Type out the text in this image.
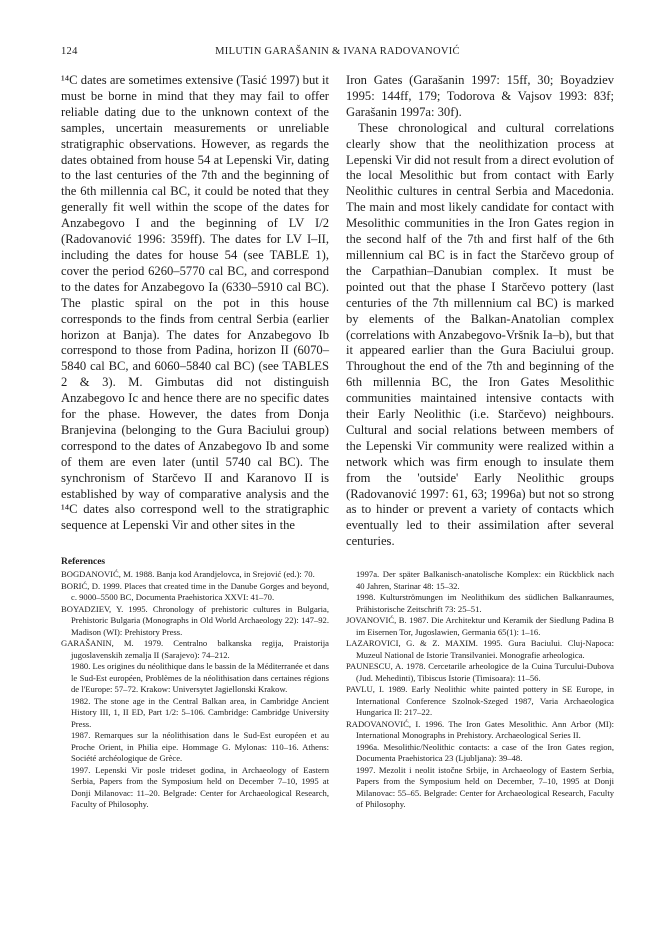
124	MILUTIN GARAŠANIN & IVANA RADOVANOVIĆ

¹⁴C dates are sometimes extensive (Tasić 1997) but it must be borne in mind that they may fail to offer reliable dating due to the unknown context of the samples, uncertain measurements or unreliable stratigraphic observations. However, as regards the dates obtained from house 54 at Lepenski Vir, dating to the last centuries of the 7th and the beginning of the 6th millennia cal BC, it could be noted that they generally fit well within the scope of the dates for Anzabegovo I and the beginning of LV I/2 (Radovanović 1996: 359ff). The dates for LV I–II, including the dates for house 54 (see TABLE 1), cover the period 6260–5770 cal BC, and correspond to the dates for Anzabegovo Ia (6330–5910 cal BC). The plastic spiral on the pot in this house corresponds to the finds from central Serbia (earlier horizon at Banja). The dates for Anzabegovo Ib correspond to those from Padina, horizon II (6070–5840 cal BC, and 6060–5840 cal BC) (see TABLES 2 & 3). M. Gimbutas did not distinguish Anzabegovo Ic and hence there are no specific dates for the phase. However, the dates from Donja Branjevina (belonging to the Gura Baciului group) correspond to the dates of Anzabegovo Ib and some of them are even later (until 5740 cal BC). The synchronism of Starčevo II and Karanovo II is established by way of comparative analysis and the ¹⁴C dates also correspond well to the stratigraphic sequence at Lepenski Vir and other sites in the

Iron Gates (Garašanin 1997: 15ff, 30; Boyadziev 1995: 144ff, 179; Todorova & Vajsov 1993: 83f; Garašanin 1997a: 30f).

These chronological and cultural correlations clearly show that the neolithization process at Lepenski Vir did not result from a direct evolution of the local Mesolithic but from contact with Early Neolithic cultures in central Serbia and Macedonia. The main and most likely candidate for contact with Mesolithic communities in the Iron Gates region in the second half of the 7th and first half of the 6th millennium cal BC is in fact the Starčevo group of the Carpathian–Danubian complex. It must be pointed out that the phase I Starčevo pottery (last centuries of the 7th millennium cal BC) is marked by elements of the Balkan-Anatolian complex (correlations with Anzabegovo-Vršnik Ia–b), but that it appeared earlier than the Gura Baciului group. Throughout the end of the 7th and beginning of the 6th millennia BC, the Iron Gates Mesolithic communities maintained intensive contacts with their Early Neolithic (i.e. Starčevo) neighbours. Cultural and social relations between members of the Lepenski Vir community were realized within a network which was firm enough to insulate them from the 'outside' Early Neolithic groups (Radovanović 1997: 61, 63; 1996a) but not so strong as to hinder or prevent a variety of contacts which eventually led to their assimilation after several centuries.

References

BOGDANOVIĆ, M. 1988. Banja kod Arandjelovca, in Srejović (ed.): 70.

BORIĆ, D. 1999. Places that created time in the Danube Gorges and beyond, c. 9000–5500 BC, Documenta Praehistorica XXVI: 41–70.

BOYADZIEV, Y. 1995. Chronology of prehistoric cultures in Bulgaria, Prehistoric Bulgaria (Monographs in Old World Archaeology 22): 147–92. Madison (WI): Prehistory Press.

GARAŠANIN, M. 1979. Centralno balkanska regija, Praistorija jugoslavenskih zemalja II (Sarajevo): 74–212.

1980. Les origines du néolithique dans le bassin de la Méditerranée et dans le Sud-Est européen, Problèmes de la néolithisation dans certaines régions de l'Europe: 57–72. Krakow: Universytet Jagiellonski Krakow.

1982. The stone age in the Central Balkan area, in Cambridge Ancient History III, 1, II ED, Part 1/2: 5–106. Cambridge: Cambridge University Press.

1987. Remarques sur la néolithisation dans le Sud-Est européen et au Proche Orient, in Philia eipe. Hommage G. Mylonas: 110–16. Athens: Société archéologique de Grèce.

1997. Lepenski Vir posle trideset godina, in Archaeology of Eastern Serbia, Papers from the Symposium held on December 7–10, 1995 at Donji Milanovac: 11–20. Belgrade: Center for Archaeological Research, Faculty of Philosophy.

1997a. Der später Balkanisch-anatolische Komplex: ein Rückblick nach 40 Jahren, Starinar 48: 15–32.

1998. Kulturströmungen im Neolithikum des südlichen Balkanraumes, Prähistorische Zeitschrift 73: 25–51.

JOVANOVIĆ, B. 1987. Die Architektur und Keramik der Siedlung Padina B im Eisernen Tor, Jugoslawien, Germania 65(1): 1–16.

LAZAROVICI, G. & Z. MAXIM. 1995. Gura Baciului. Cluj-Napoca: Muzeul National de Istorie Transilvaniei. Monografie arheologica.

PAUNESCU, A. 1978. Cercetarile arheologice de la Cuina Turcului-Dubova (Jud. Mehedinti), Tibiscus Istorie (Timisoara): 11–56.

PAVLU, I. 1989. Early Neolithic white painted pottery in SE Europe, in International Conference Szolnok-Szeged 1987, Varia Archaeologica Hungarica II: 217–22.

RADOVANOVIĆ, I. 1996. The Iron Gates Mesolithic. Ann Arbor (MI): International Monographs in Prehistory. Archaeological Series II.

1996a. Mesolithic/Neolithic contacts: a case of the Iron Gates region, Documenta Praehistorica 23 (Ljubljana): 39–48.

1997. Mezolit i neolit istočne Srbije, in Archaeology of Eastern Serbia, Papers from the Symposium held on December, 7–10, 1995 at Donji Milanovac: 55–65. Belgrade: Center for Archaeological Research, Faculty of Philosophy.
